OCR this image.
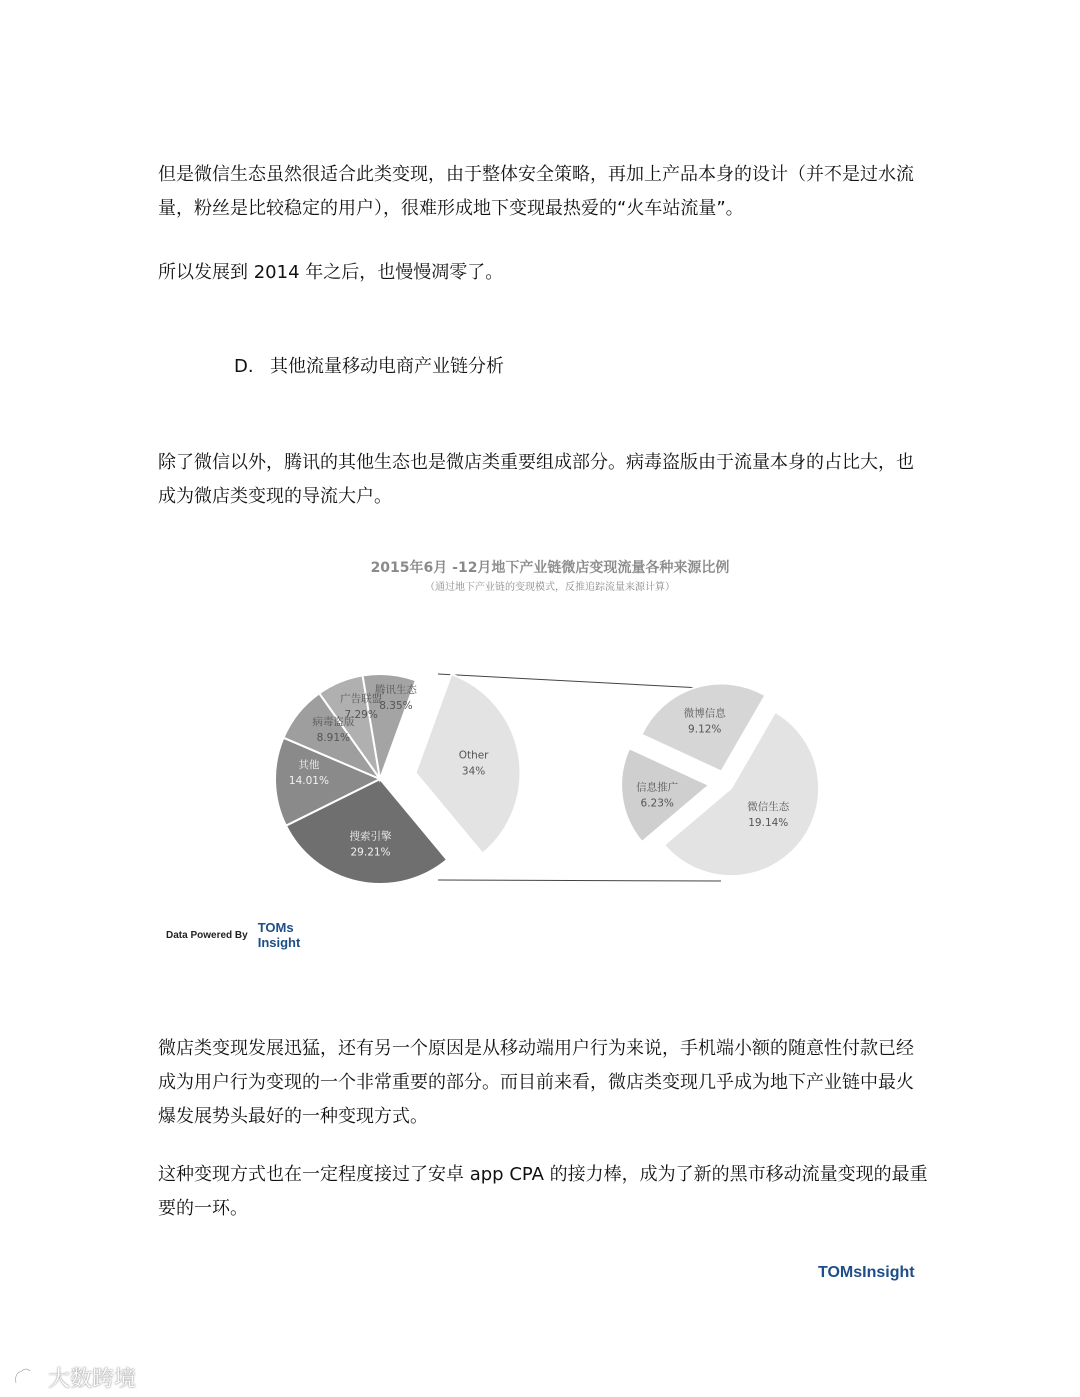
但是微信生态虽然很适合此类变现，由于整体安全策略，再加上产品本身的设计（并不是过水流量，粉丝是比较稳定的用户），很难形成地下变现最热爱的“火车站流量”。

所以发展到 2014 年之后，也慢慢凋零了。

D. 其他流量移动电商产业链分析

除了微信以外，腾讯的其他生态也是微店类重要组成部分。病毒盗版由于流量本身的占比大，也成为微店类变现的导流大户。

2015年6月 -12月地下产业链微店变现流量各种来源比例
（通过地下产业链的变现模式，反推追踪流量来源计算）
Other
34%
搜索引擎
29.21%
其他
14.01%
病毒盗版
8.91%
广告联盟
7.29%
腾讯生态
8.35%
微信生态
19.14%
信息推广
6.23%
微博信息
9.12%
Data Powered By TOMs
Insight

微店类变现发展迅猛，还有另一个原因是从移动端用户行为来说，手机端小额的随意性付款已经成为用户行为变现的一个非常重要的部分。而目前来看，微店类变现几乎成为地下产业链中最火爆发展势头最好的一种变现方式。

这种变现方式也在一定程度接过了安卓 app CPA 的接力棒，成为了新的黑市移动流量变现的最重要的一环。

TOMsInsight
大数跨境
